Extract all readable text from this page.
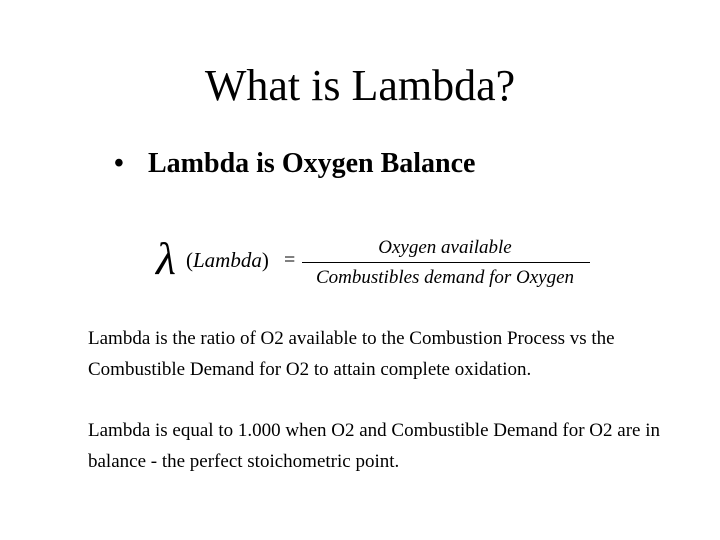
What is Lambda?
• Lambda is Oxygen Balance
λ (Lambda) =
Oxygen available
Combustibles demand for Oxygen

Lambda is the ratio of O2 available to the Combustion Process vs the Combustible Demand for O2 to attain complete oxidation.

Lambda is equal to 1.000 when O2 and Combustible Demand for O2 are in balance - the perfect stoichometric point.
